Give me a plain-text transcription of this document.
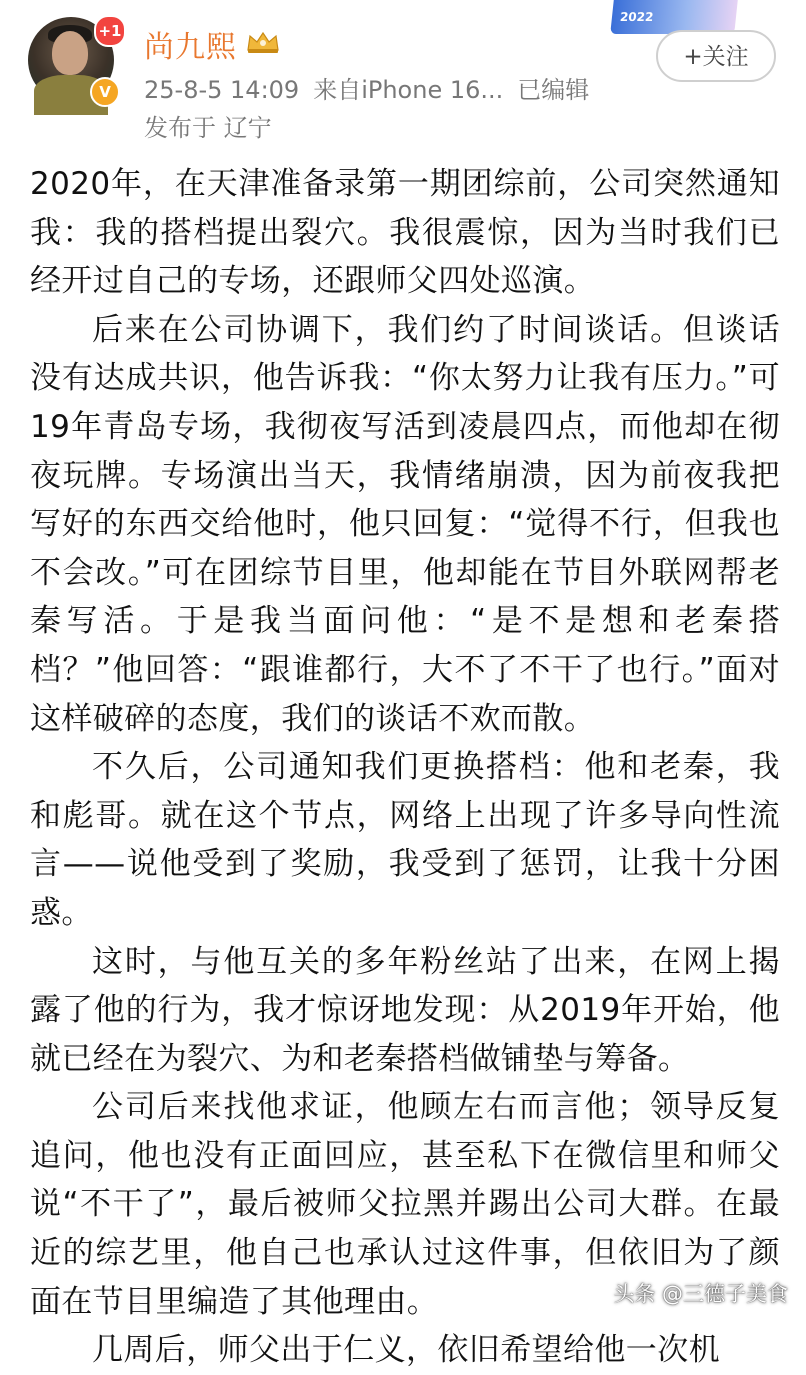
+1
V
尚九熙
25-8-5 14:09 来自iPhone 16... 已编辑
发布于 辽宁
2022
+关注

2020年，在天津准备录第一期团综前，公司突然通知我：我的搭档提出裂穴。我很震惊，因为当时我们已经开过自己的专场，还跟师父四处巡演。

后来在公司协调下，我们约了时间谈话。但谈话没有达成共识，他告诉我：“你太努力让我有压力。”可19年青岛专场，我彻夜写活到凌晨四点，而他却在彻夜玩牌。专场演出当天，我情绪崩溃，因为前夜我把写好的东西交给他时，他只回复：“觉得不行，但我也不会改。”可在团综节目里，他却能在节目外联网帮老秦写活。于是我当面问他：“是不是想和老秦搭档？”他回答：“跟谁都行，大不了不干了也行。”面对这样破碎的态度，我们的谈话不欢而散。

不久后，公司通知我们更换搭档：他和老秦，我和彪哥。就在这个节点，网络上出现了许多导向性流言——说他受到了奖励，我受到了惩罚，让我十分困惑。

这时，与他互关的多年粉丝站了出来，在网上揭露了他的行为，我才惊讶地发现：从2019年开始，他就已经在为裂穴、为和老秦搭档做铺垫与筹备。

公司后来找他求证，他顾左右而言他；领导反复追问，他也没有正面回应，甚至私下在微信里和师父说“不干了”，最后被师父拉黑并踢出公司大群。在最近的综艺里，他自己也承认过这件事，但依旧为了颜面在节目里编造了其他理由。

几周后，师父出于仁义，依旧希望给他一次机

头条 @三德子美食
